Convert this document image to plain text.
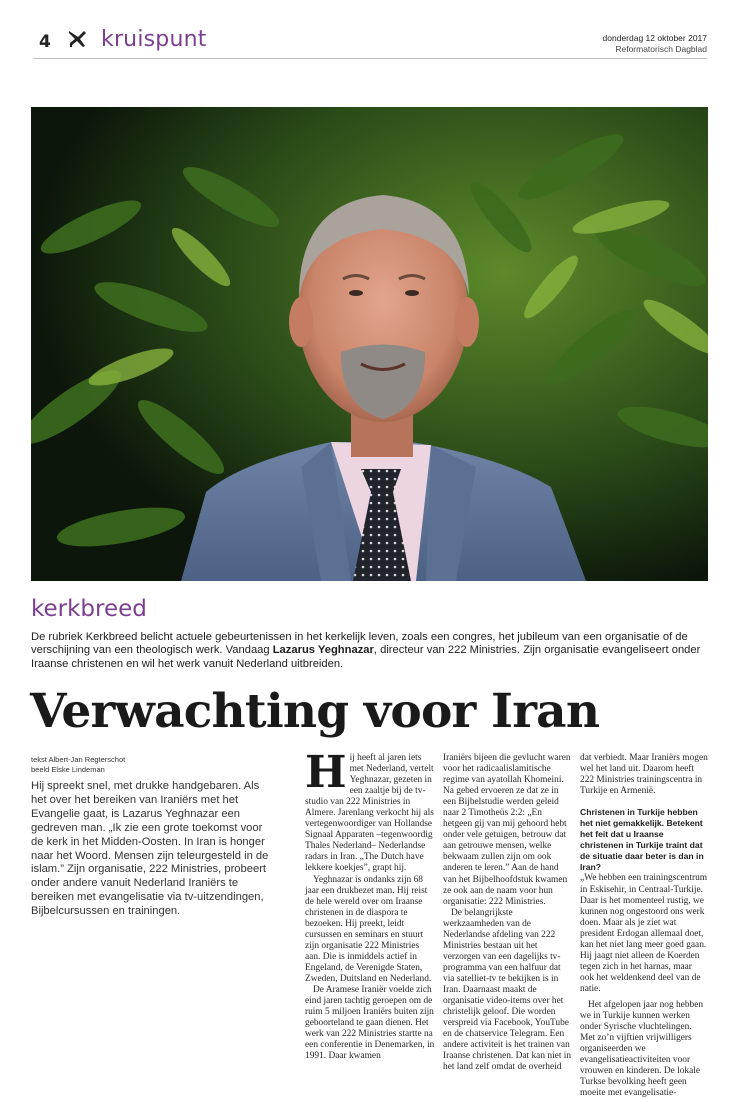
4 kruispunt	donderdag 12 oktober 2017
Reformatorisch Dagblad
kerkbreed
De rubriek Kerkbreed belicht actuele gebeurtenissen in het kerkelijk leven, zoals een congres, het jubileum van een organisatie of de verschijning van een theologisch werk. Vandaag Lazarus Yeghnazar, directeur van 222 Ministries. Zijn organisatie evangeliseert onder Iraanse christenen en wil het werk vanuit Nederland uitbreiden.
Verwachting voor Iran
tekst Albert-Jan Regterschot
beeld Elske Lindeman
Hij spreekt snel, met drukke handgebaren. Als het over het bereiken van Iraniërs met het Evangelie gaat, is Lazarus Yeghnazar een gedreven man. „Ik zie een grote toekomst voor de kerk in het Midden-Oosten. In Iran is honger naar het Woord. Mensen zijn teleurgesteld in de islam.” Zijn organisatie, 222 Ministries, probeert onder andere vanuit Nederland Iraniërs te bereiken met evangelisatie via tv-uitzendingen, Bijbelcursussen en trainingen.
H ij heeft al jaren iets met Nederland, vertelt Yeghnazar, gezeten in een zaaltje bij de tv-studio van 222 Ministries in Almere. Jarenlang verkocht hij als vertegenwoordiger van Hollandse Signaal Apparaten –tegenwoordig Thales Nederland– Nederlandse radars in Iran. „The Dutch have lekkere koekjes”, grapt hij.

Yeghnazar is ondanks zijn 68 jaar een drukbezet man. Hij reist de hele wereld over om Iraanse christenen in de diaspora te bezoeken. Hij preekt, leidt cursussen en seminars en stuurt zijn organisatie 222 Ministries aan. Die is inmiddels actief in Engeland, de Verenigde Staten, Zweden, Duitsland en Nederland.

De Aramese Iraniër voelde zich eind jaren tachtig geroepen om de ruim 5 miljoen Iraniërs buiten zijn geboorteland te gaan dienen. Het werk van 222 Ministries startte na een conferentie in Denemarken, in 1991. Daar kwamen

Iraniërs bijeen die gevlucht waren voor het radicaalislamitische regime van ayatollah Khomeini. Na gebed ervoeren ze dat ze in een Bijbelstudie werden geleid naar 2 Timotheüs 2:2: „En hetgeen gij van mij gehoord hebt onder vele getuigen, betrouw dat aan getrouwe mensen, welke bekwaam zullen zijn om ook anderen te leren.” Aan de hand van het Bijbelhoofdstuk kwamen ze ook aan de naam voor hun organisatie: 222 Ministries.

De belangrijkste werkzaamheden van de Nederlandse afdeling van 222 Ministries bestaan uit het verzorgen van een dagelijks tv-programma van een halfuur dat via satelliet-tv te bekijken is in Iran. Daarnaast maakt de organisatie video-items over het christelijk geloof. Die worden verspreid via Facebook, YouTube en de chatservice Telegram. Een andere activiteit is het trainen van Iraanse christenen. Dat kan niet in het land zelf omdat de overheid

dat verbiedt. Maar Iraniërs mogen wel het land uit. Daarom heeft 222 Ministries trainingscentra in Turkije en Armenië.

Christenen in Turkije hebben het niet gemakkelijk. Betekent het feit dat u Iraanse christenen in Turkije traint dat de situatie daar beter is dan in Iran?

„We hebben een trainingscentrum in Eskisehir, in Centraal-Turkije. Daar is het momenteel rustig, we kunnen nog ongestoord ons werk doen. Maar als je ziet wat president Erdogan allemaal doet, kan het niet lang meer goed gaan. Hij jaagt niet alleen de Koerden tegen zich in het harnas, maar ook het weldenkend deel van de natie.

Het afgelopen jaar nog hebben we in Turkije kunnen werken onder Syrische vluchtelingen. Met zo’n vijftien vrijwilligers organiseerden we evangelisatieactiviteiten voor vrouwen en kinderen. De lokale Turkse bevolking heeft geen moeite met evangelisatie-
